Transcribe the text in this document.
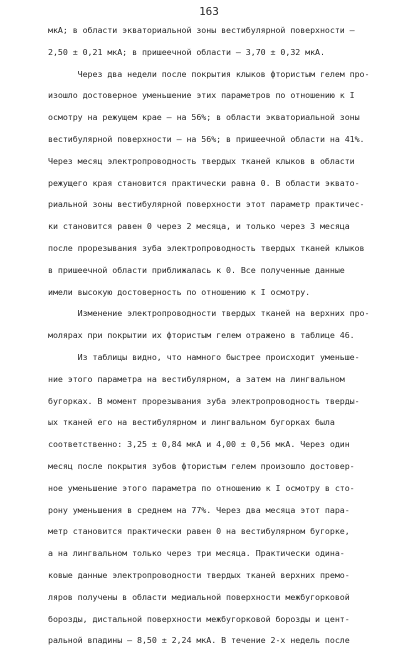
163
мкА; в области экваториальной зоны вестибулярной поверхности –
2,50 ± 0,21 мкА; в пришеечной области – 3,70 ± 0,32 мкА.
Через два недели после покрытия клыков фтористым гелем про-
изошло достоверное уменьшение этих параметров по отношению к I
осмотру на режущем крае – на 56%; в области экваториальной зоны
вестибулярной поверхности – на 56%; в пришеечной области на 41%.
Через месяц электропроводность твердых тканей клыков в области
режущего края становится практически равна 0. В области эквато-
риальной зоны вестибулярной поверхности этот параметр практичес-
ки становится равен 0 через 2 месяца, и только через 3 месяца
после прорезывания зуба электропроводность твердых тканей клыков
в пришеечной области приближалась к 0. Все полученные данные
имели высокую достоверность по отношению к I осмотру.
Изменение электропроводности твердых тканей на верхних про-
молярах при покрытии их фтористым гелем отражено в таблице 46.
Из таблицы видно, что намного быстрее происходит уменьше-
ние этого параметра на вестибулярном, а затем на лингвальном
бугорках. В момент прорезывания зуба электропроводность тверды-
ых тканей его на вестибулярном и лингвальном бугорках была
соответственно: 3,25 ± 0,84 мкА и 4,00 ± 0,56 мкА. Через один
месяц после покрытия зубов фтористым гелем произошло достовер-
ное уменьшение этого параметра по отношению к I осмотру в сто-
рону уменьшения в среднем на 77%. Через два месяца этот пара-
метр становится практически равен 0 на вестибулярном бугорке,
а на лингвальном только через три месяца. Практически одина-
ковые данные электропроводности твердых тканей верхних премо-
ляров получены в области медиальной поверхности межбугорковой
борозды, дистальной поверхности межбугорковой борозды и цент-
ральной впадины – 8,50 ± 2,24 мкА. В течение 2-х недель после
